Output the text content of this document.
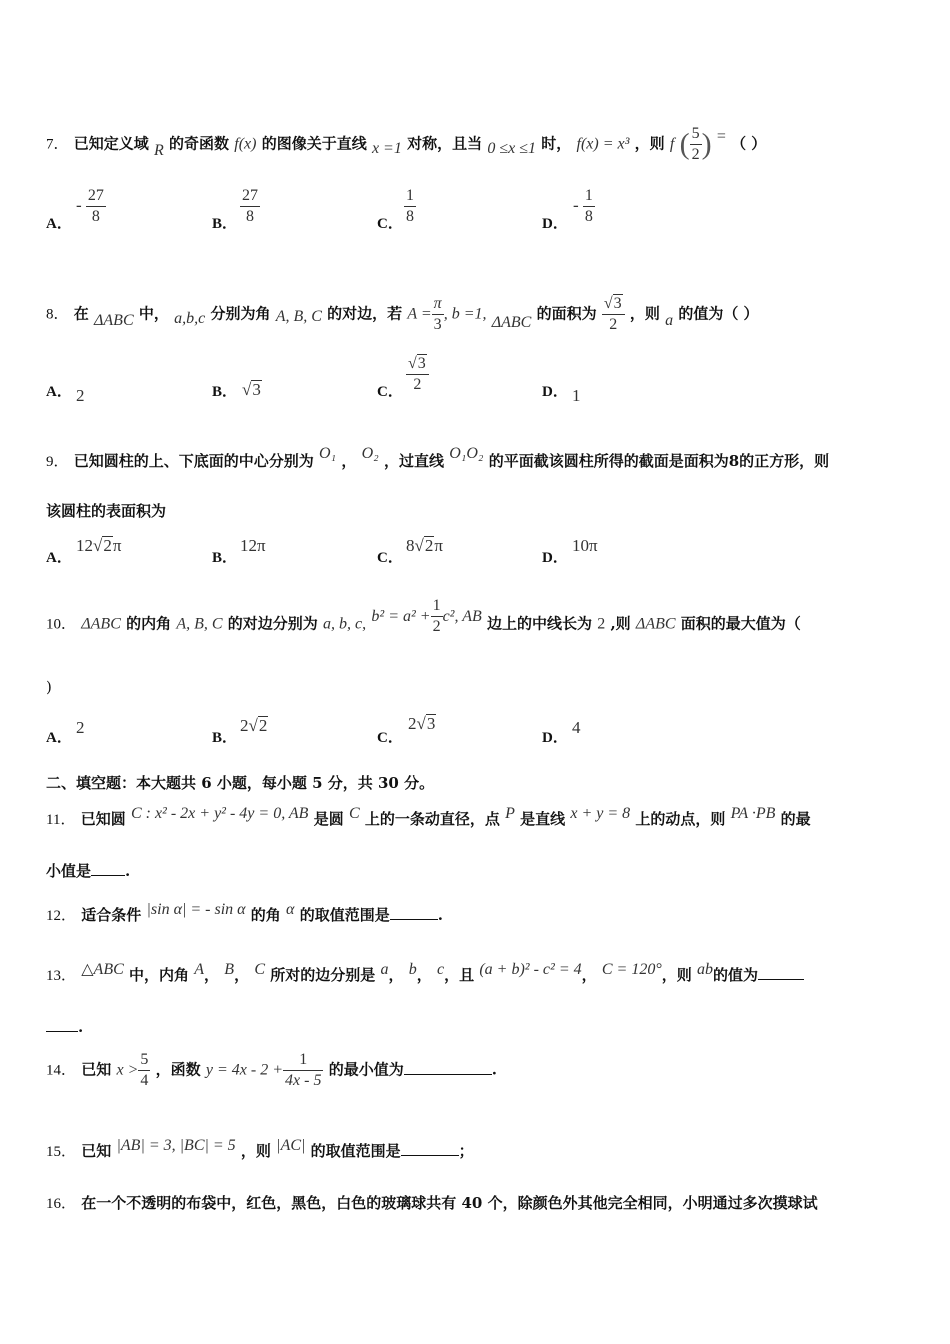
7． 已知定义域 R 的奇函数 f(x) 的图像关于直线 x =1 对称，且当 0 ≤x ≤1 时， f(x) = x³ ，则 f ( $\frac{5}{2}$ ) = （ ）
A．
- $\frac{27}{8}$	B． $\frac{27}{8}$	C． $\frac{1}{8}$	D．
- $\frac{1}{8}$
8． 在 ΔABC 中， a,b,c 分别为角 A, B, C 的对边，若 $A = \frac{\pi}{3}$ , b =1, ΔABC 的面积为 $\frac{√3}{2}$ ，则 a 的值为（ ）
A． 2	B． √3	C． $\frac{√3}{2}$	D． 1
9． 已知圆柱的上、下底面的中心分别为 O₁ ， O₂ ，过直线 O₁O₂ 的平面截该圆柱所得的截面是面积为8的正方形，则
该圆柱的表面积为
A．
12√2π
B．
12π
C．
8√2π
D．
10π
10． ΔABC 的内角 A, B, C 的对边分别为 a, b, c, $b^2 = a^2 + \frac{1}{2} c^2$, AB 边上的中线长为 2 ,则 ΔABC 面积的最大值为（
)
A．
2
B．
2√2
C．
2√3
D．
4
二、填空题：本大题共 6 小题，每小题 5 分，共 30 分。
11． 已知圆 C : x² - 2x + y² - 4y = 0, AB 是圆 C 上的一条动直径，点 P 是直线 x + y = 8 上的动点，则 PA ·PB 的最
小值是 .
12． 适合条件 |sin α| = - sin α 的角 α 的取值范围是	.
13． △ABC 中，内角 A， B， C 所对的边分别是 a， b， c，且 (a + b)² - c² = 4， C = 120°，则 ab的值为
.
14． 已知 $x > \frac{5}{4}$ ，函数 $y = 4x - 2 + \frac{1}{4x - 5}$ 的最小值为	.
15． 已知 |AB| = 3, |BC| = 5 ，则 |AC| 的取值范围是	；
16． 在一个不透明的布袋中，红色，黑色，白色的玻璃球共有 40 个，除颜色外其他完全相同，小明通过多次摸球试
